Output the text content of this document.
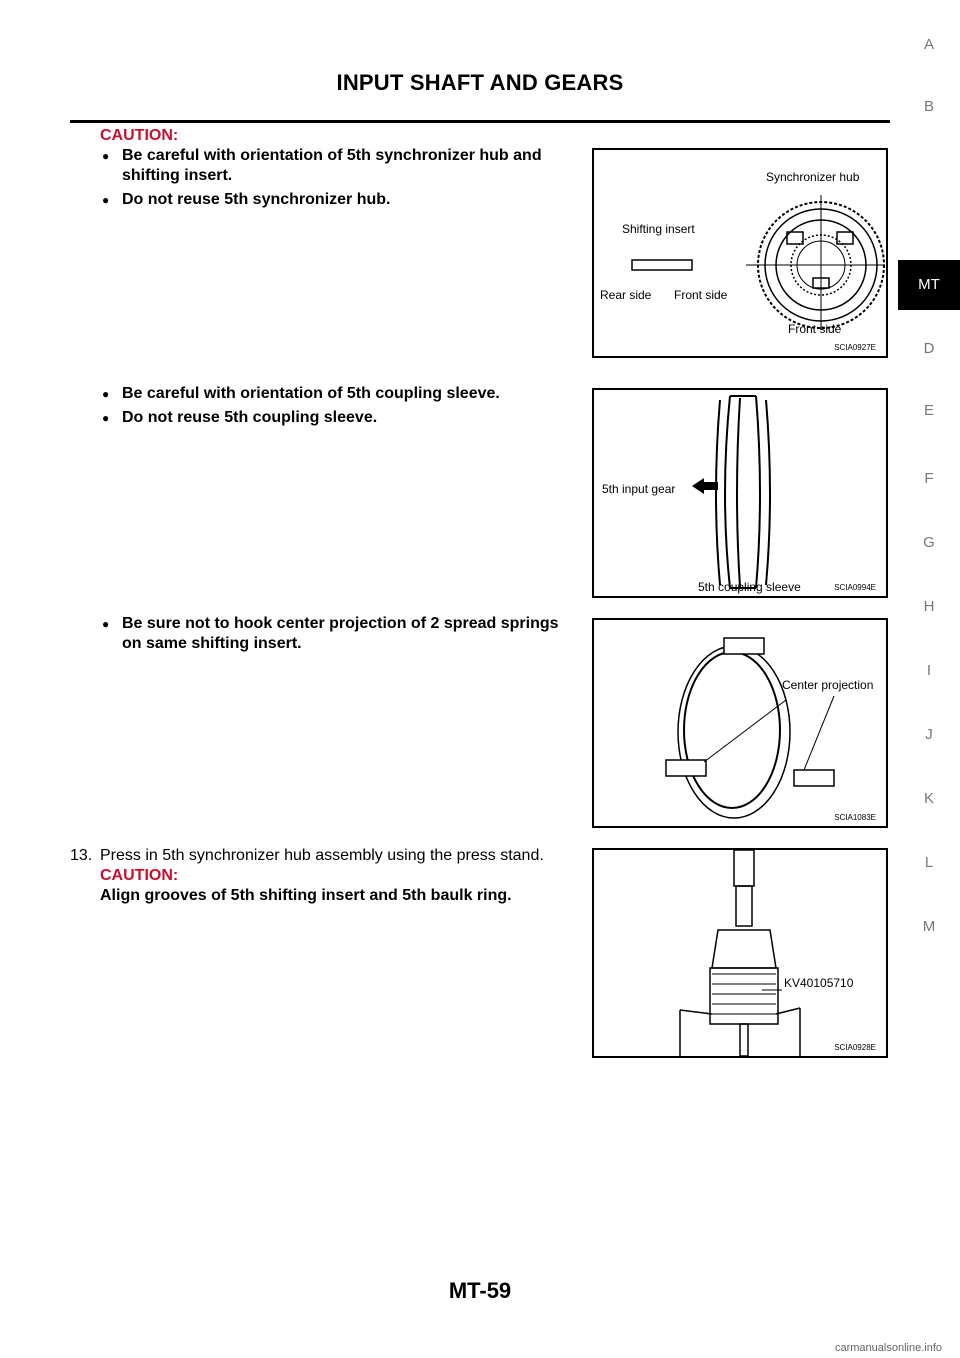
INPUT SHAFT AND GEARS
A
B
MT
D
E
F
G
H
I
J
K
L
M
CAUTION:
● Be careful with orientation of 5th synchronizer hub and shifting insert.
● Do not reuse 5th synchronizer hub.
Synchronizer hub
Shifting insert
Rear side Front side
Front side
SCIA0927E
● Be careful with orientation of 5th coupling sleeve.
● Do not reuse 5th coupling sleeve.
5th input gear
5th coupling sleeve	SCIA0994E
● Be sure not to hook center projection of 2 spread springs on same shifting insert.
Center projection
SCIA1083E
13. Press in 5th synchronizer hub assembly using the press stand.
CAUTION:
Align grooves of 5th shifting insert and 5th baulk ring.
KV40105710
SCIA0928E
MT-59
carmanualsonline.info
